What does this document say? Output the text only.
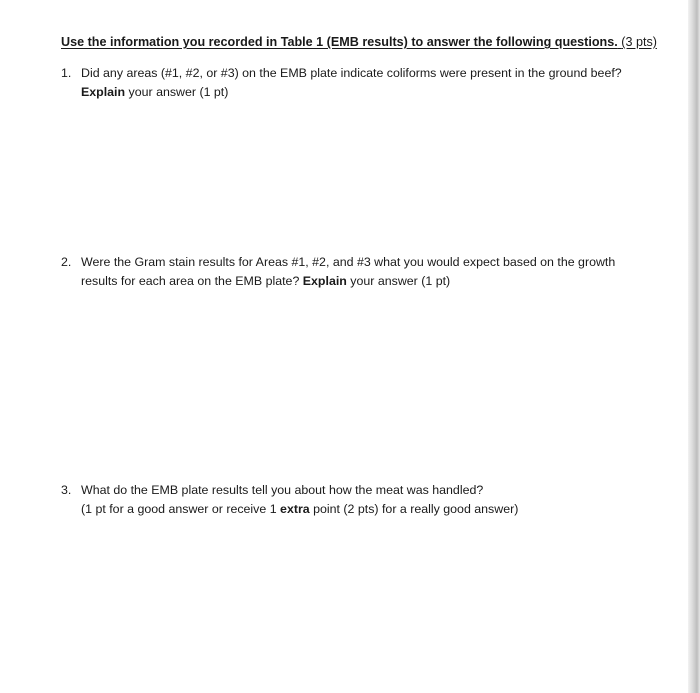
Use the information you recorded in Table 1 (EMB results) to answer the following questions. (3 pts)
1. Did any areas (#1, #2, or #3) on the EMB plate indicate coliforms were present in the ground beef?
Explain your answer (1 pt)
2. Were the Gram stain results for Areas #1, #2, and #3 what you would expect based on the growth
results for each area on the EMB plate? Explain your answer (1 pt)
3. What do the EMB plate results tell you about how the meat was handled?
(1 pt for a good answer or receive 1 extra point (2 pts) for a really good answer)
